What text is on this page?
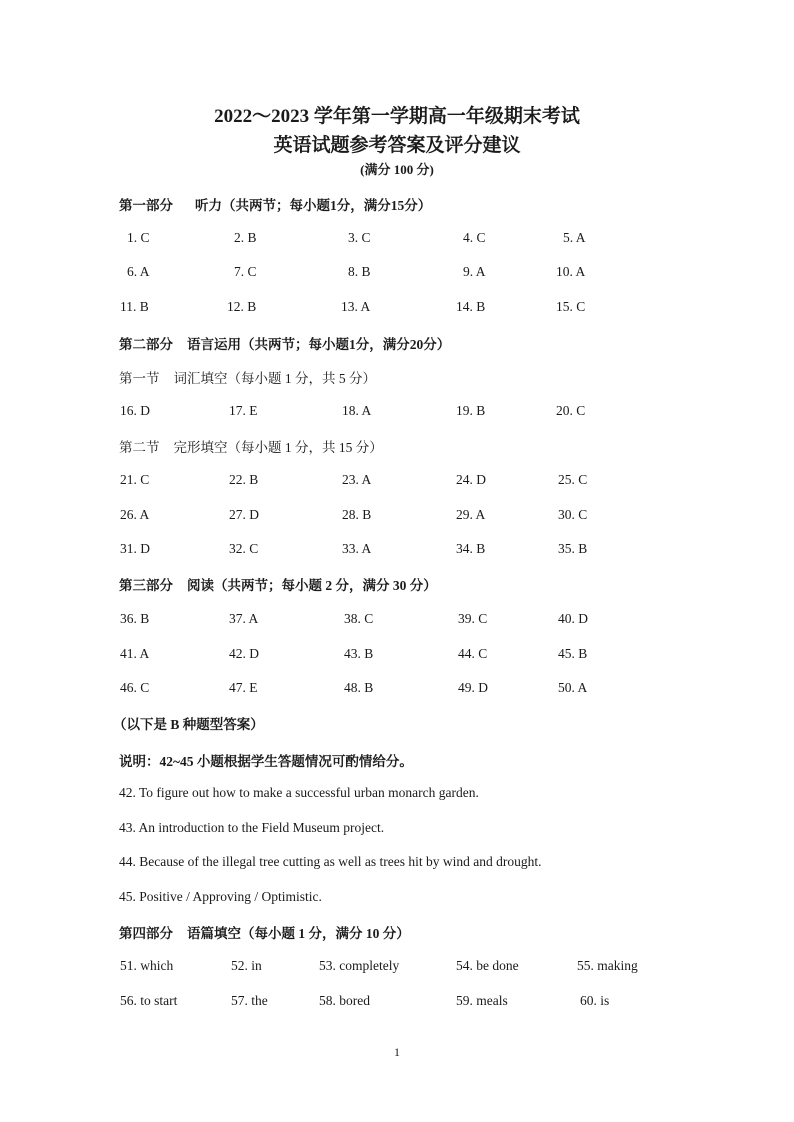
2022～2023 学年第一学期高一年级期末考试
英语试题参考答案及评分建议
(满分 100 分)
第一部分 听力（共两节；每小题1分，满分15分）
1. C	2. B	3. C	4. C	5. A
6. A	7. C	8. B	9. A	10. A
11. B	12. B	13. A	14. B	15. C
第二部分 语言运用（共两节；每小题1分，满分20分）
第一节 词汇填空（每小题 1 分，共 5 分）
16. D	17. E	18. A	19. B	20. C
第二节 完形填空（每小题 1 分，共 15 分）
21. C	22. B	23. A	24. D	25. C
26. A	27. D	28. B	29. A	30. C
31. D	32. C	33. A	34. B	35. B
第三部分 阅读（共两节；每小题 2 分，满分 30 分）
36. B	37. A	38. C	39. C	40. D
41. A	42. D	43. B	44. C	45. B
46. C	47. E	48. B	49. D	50. A
（以下是 B 种题型答案）
说明：42~45 小题根据学生答题情况可酌情给分。
42. To figure out how to make a successful urban monarch garden.
43. An introduction to the Field Museum project.
44. Because of the illegal tree cutting as well as trees hit by wind and drought.
45. Positive / Approving / Optimistic.
第四部分 语篇填空（每小题 1 分，满分 10 分）
51. which	52. in	53. completely	54. be done	55. making
56. to start	57. the	58. bored	59. meals	60. is
1
